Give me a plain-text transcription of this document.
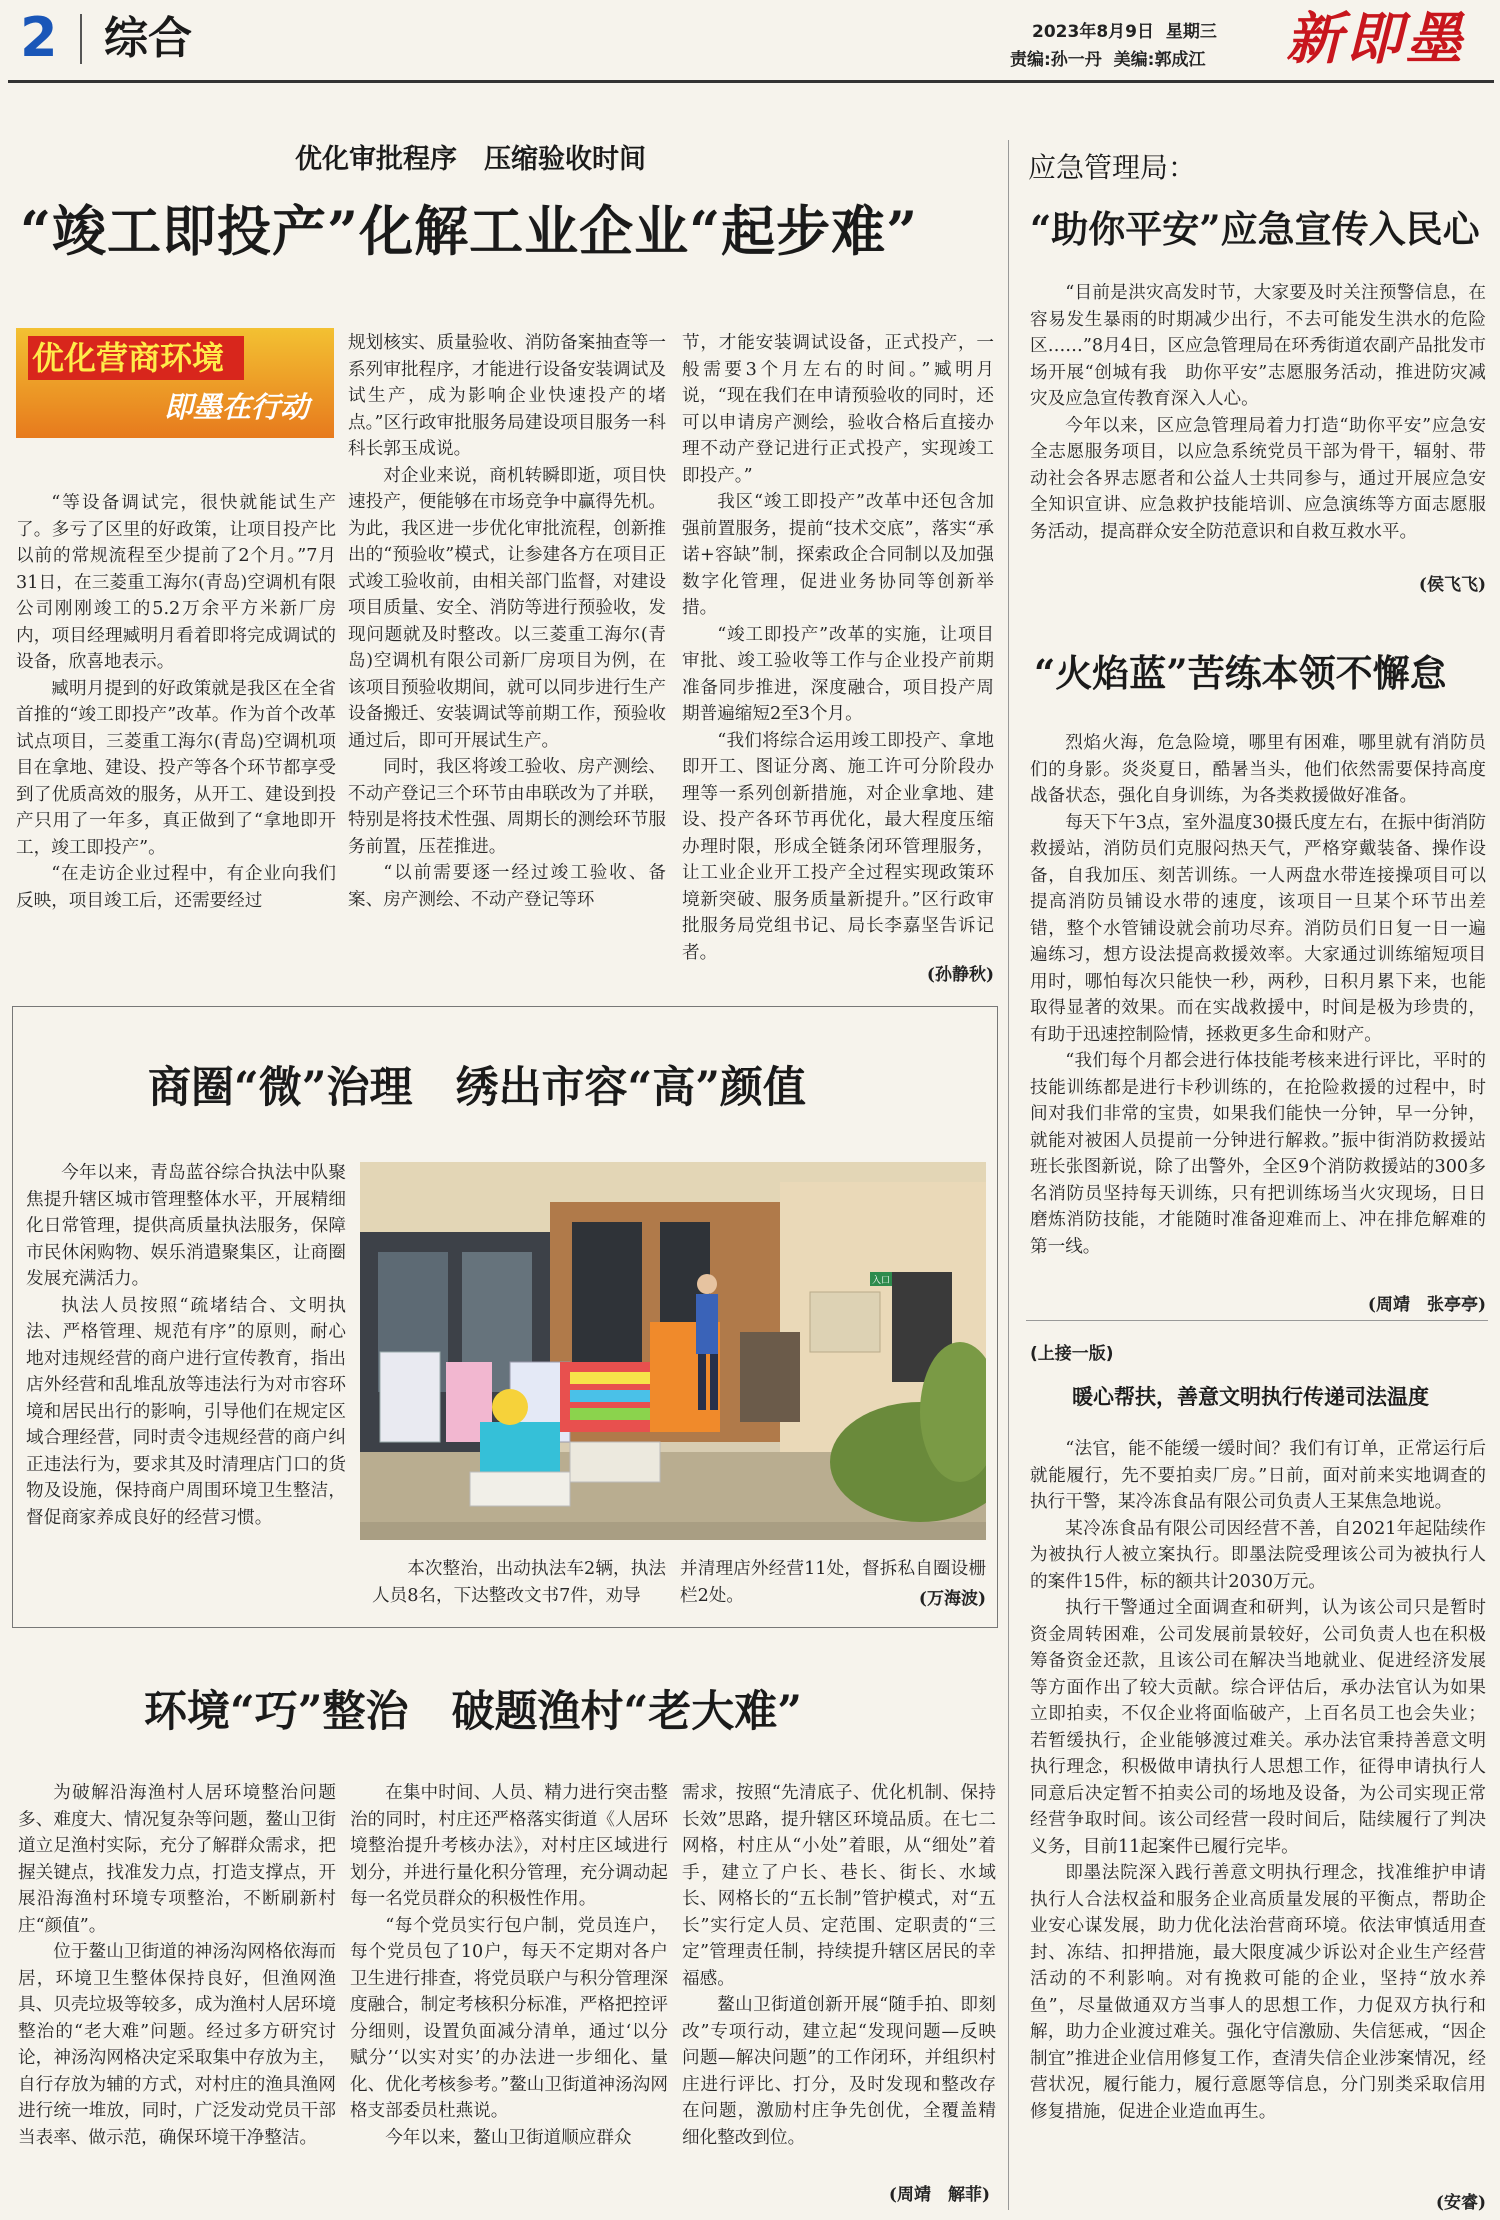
2 综合	2023年8月9日 星期三
责编:孙一丹 美编:郭成江 新即墨
优化审批程序　压缩验收时间
“竣工即投产”化解工业企业“起步难”
优化营商环境
即墨在行动

“等设备调试完，很快就能试生产了。多亏了区里的好政策，让项目投产比以前的常规流程至少提前了2个月。”7月31日，在三菱重工海尔(青岛)空调机有限公司刚刚竣工的5.2万余平方米新厂房内，项目经理臧明月看着即将完成调试的设备，欣喜地表示。

臧明月提到的好政策就是我区在全省首推的“竣工即投产”改革。作为首个改革试点项目，三菱重工海尔(青岛)空调机项目在拿地、建设、投产等各个环节都享受到了优质高效的服务，从开工、建设到投产只用了一年多，真正做到了“拿地即开工，竣工即投产”。

“在走访企业过程中，有企业向我们反映，项目竣工后，还需要经过

规划核实、质量验收、消防备案抽查等一系列审批程序，才能进行设备安装调试及试生产，成为影响企业快速投产的堵点。”区行政审批服务局建设项目服务一科科长郭玉成说。

对企业来说，商机转瞬即逝，项目快速投产，便能够在市场竞争中赢得先机。为此，我区进一步优化审批流程，创新推出的“预验收”模式，让参建各方在项目正式竣工验收前，由相关部门监督，对建设项目质量、安全、消防等进行预验收，发现问题就及时整改。以三菱重工海尔(青岛)空调机有限公司新厂房项目为例，在该项目预验收期间，就可以同步进行生产设备搬迁、安装调试等前期工作，预验收通过后，即可开展试生产。

同时，我区将竣工验收、房产测绘、不动产登记三个环节由串联改为了并联，特别是将技术性强、周期长的测绘环节服务前置，压茬推进。

“以前需要逐一经过竣工验收、备案、房产测绘、不动产登记等环

节，才能安装调试设备，正式投产，一般需要3个月左右的时间。”臧明月说，“现在我们在申请预验收的同时，还可以申请房产测绘，验收合格后直接办理不动产登记进行正式投产，实现竣工即投产。”

我区“竣工即投产”改革中还包含加强前置服务，提前“技术交底”，落实“承诺+容缺”制，探索政企合同制以及加强数字化管理，促进业务协同等创新举措。

“竣工即投产”改革的实施，让项目审批、竣工验收等工作与企业投产前期准备同步推进，深度融合，项目投产周期普遍缩短2至3个月。

“我们将综合运用竣工即投产、拿地即开工、图证分离、施工许可分阶段办理等一系列创新措施，对企业拿地、建设、投产各环节再优化，最大程度压缩办理时限，形成全链条闭环管理服务，让工业企业开工投产全过程实现政策环境新突破、服务质量新提升。”区行政审批服务局党组书记、局长李嘉坚告诉记者。

(孙静秋)
商圈“微”治理　绣出市容“高”颜值

今年以来，青岛蓝谷综合执法中队聚焦提升辖区城市管理整体水平，开展精细化日常管理，提供高质量执法服务，保障市民休闲购物、娱乐消遣聚集区，让商圈发展充满活力。

执法人员按照“疏堵结合、文明执法、严格管理、规范有序”的原则，耐心地对违规经营的商户进行宣传教育，指出店外经营和乱堆乱放等违法行为对市容环境和居民出行的影响，引导他们在规定区域合理经营，同时责令违规经营的商户纠正违法行为，要求其及时清理店门口的货物及设施，保持商户周围环境卫生整洁，督促商家养成良好的经营习惯。

入口

本次整治，出动执法车2辆，执法人员8名，下达整改文书7件，劝导

并清理店外经营11处，督拆私自圈设栅栏2处。	(万海波)
环境“巧”整治　破题渔村“老大难”

为破解沿海渔村人居环境整治问题多、难度大、情况复杂等问题，鳌山卫街道立足渔村实际，充分了解群众需求，把握关键点，找准发力点，打造支撑点，开展沿海渔村环境专项整治，不断刷新村庄“颜值”。

位于鳌山卫街道的神汤沟网格依海而居，环境卫生整体保持良好，但渔网渔具、贝壳垃圾等较多，成为渔村人居环境整治的“老大难”问题。经过多方研究讨论，神汤沟网格决定采取集中存放为主，自行存放为辅的方式，对村庄的渔具渔网进行统一堆放，同时，广泛发动党员干部当表率、做示范，确保环境干净整洁。

在集中时间、人员、精力进行突击整治的同时，村庄还严格落实街道《人居环境整治提升考核办法》，对村庄区域进行划分，并进行量化积分管理，充分调动起每一名党员群众的积极性作用。

“每个党员实行包户制，党员连户，每个党员包了10户，每天不定期对各户卫生进行排查，将党员联户与积分管理深度融合，制定考核积分标准，严格把控评分细则，设置负面减分清单，通过‘以分赋分’‘以实对实’的办法进一步细化、量化、优化考核参考。”鳌山卫街道神汤沟网格支部委员杜燕说。

今年以来，鳌山卫街道顺应群众

需求，按照“先清底子、优化机制、保持长效”思路，提升辖区环境品质。在七二网格，村庄从“小处”着眼，从“细处”着手，建立了户长、巷长、街长、水域长、网格长的“五长制”管护模式，对“五长”实行定人员、定范围、定职责的“三定”管理责任制，持续提升辖区居民的幸福感。

鳌山卫街道创新开展“随手拍、即刻改”专项行动，建立起“发现问题—反映问题—解决问题”的工作闭环，并组织村庄进行评比、打分，及时发现和整改存在问题，激励村庄争先创优，全覆盖精细化整改到位。

(周靖　解菲)
应急管理局：
“助你平安”应急宣传入民心

“目前是洪灾高发时节，大家要及时关注预警信息，在容易发生暴雨的时期减少出行，不去可能发生洪水的危险区……”8月4日，区应急管理局在环秀街道农副产品批发市场开展“创城有我　助你平安”志愿服务活动，推进防灾减灾及应急宣传教育深入人心。

今年以来，区应急管理局着力打造“助你平安”应急安全志愿服务项目，以应急系统党员干部为骨干，辐射、带动社会各界志愿者和公益人士共同参与，通过开展应急安全知识宣讲、应急救护技能培训、应急演练等方面志愿服务活动，提高群众安全防范意识和自救互救水平。

(侯飞飞)
“火焰蓝”苦练本领不懈怠

烈焰火海，危急险境，哪里有困难，哪里就有消防员们的身影。炎炎夏日，酷暑当头，他们依然需要保持高度战备状态，强化自身训练，为各类救援做好准备。

每天下午3点，室外温度30摄氏度左右，在振中街消防救援站，消防员们克服闷热天气，严格穿戴装备、操作设备，自我加压、刻苦训练。一人两盘水带连接操项目可以提高消防员铺设水带的速度，该项目一旦某个环节出差错，整个水管铺设就会前功尽弃。消防员们日复一日一遍遍练习，想方设法提高救援效率。大家通过训练缩短项目用时，哪怕每次只能快一秒，两秒，日积月累下来，也能取得显著的效果。而在实战救援中，时间是极为珍贵的，有助于迅速控制险情，拯救更多生命和财产。

“我们每个月都会进行体技能考核来进行评比，平时的技能训练都是进行卡秒训练的，在抢险救援的过程中，时间对我们非常的宝贵，如果我们能快一分钟，早一分钟，就能对被困人员提前一分钟进行解救。”振中街消防救援站班长张图新说，除了出警外，全区9个消防救援站的300多名消防员坚持每天训练，只有把训练场当火灾现场，日日磨炼消防技能，才能随时准备迎难而上、冲在排危解难的第一线。

(周靖　张亭亭)
(上接一版)
暖心帮扶，善意文明执行传递司法温度

“法官，能不能缓一缓时间？我们有订单，正常运行后就能履行，先不要拍卖厂房。”日前，面对前来实地调查的执行干警，某冷冻食品有限公司负责人王某焦急地说。

某冷冻食品有限公司因经营不善，自2021年起陆续作为被执行人被立案执行。即墨法院受理该公司为被执行人的案件15件，标的额共计2030万元。

执行干警通过全面调查和研判，认为该公司只是暂时资金周转困难，公司发展前景较好，公司负责人也在积极筹备资金还款，且该公司在解决当地就业、促进经济发展等方面作出了较大贡献。综合评估后，承办法官认为如果立即拍卖，不仅企业将面临破产，上百名员工也会失业；若暂缓执行，企业能够渡过难关。承办法官秉持善意文明执行理念，积极做申请执行人思想工作，征得申请执行人同意后决定暂不拍卖公司的场地及设备，为公司实现正常经营争取时间。该公司经营一段时间后，陆续履行了判决义务，目前11起案件已履行完毕。

即墨法院深入践行善意文明执行理念，找准维护申请执行人合法权益和服务企业高质量发展的平衡点，帮助企业安心谋发展，助力优化法治营商环境。依法审慎适用查封、冻结、扣押措施，最大限度减少诉讼对企业生产经营活动的不利影响。对有挽救可能的企业，坚持“放水养鱼”，尽量做通双方当事人的思想工作，力促双方执行和解，助力企业渡过难关。强化守信激励、失信惩戒，“因企制宜”推进企业信用修复工作，查清失信企业涉案情况，经营状况，履行能力，履行意愿等信息，分门别类采取信用修复措施，促进企业造血再生。

(安睿)
